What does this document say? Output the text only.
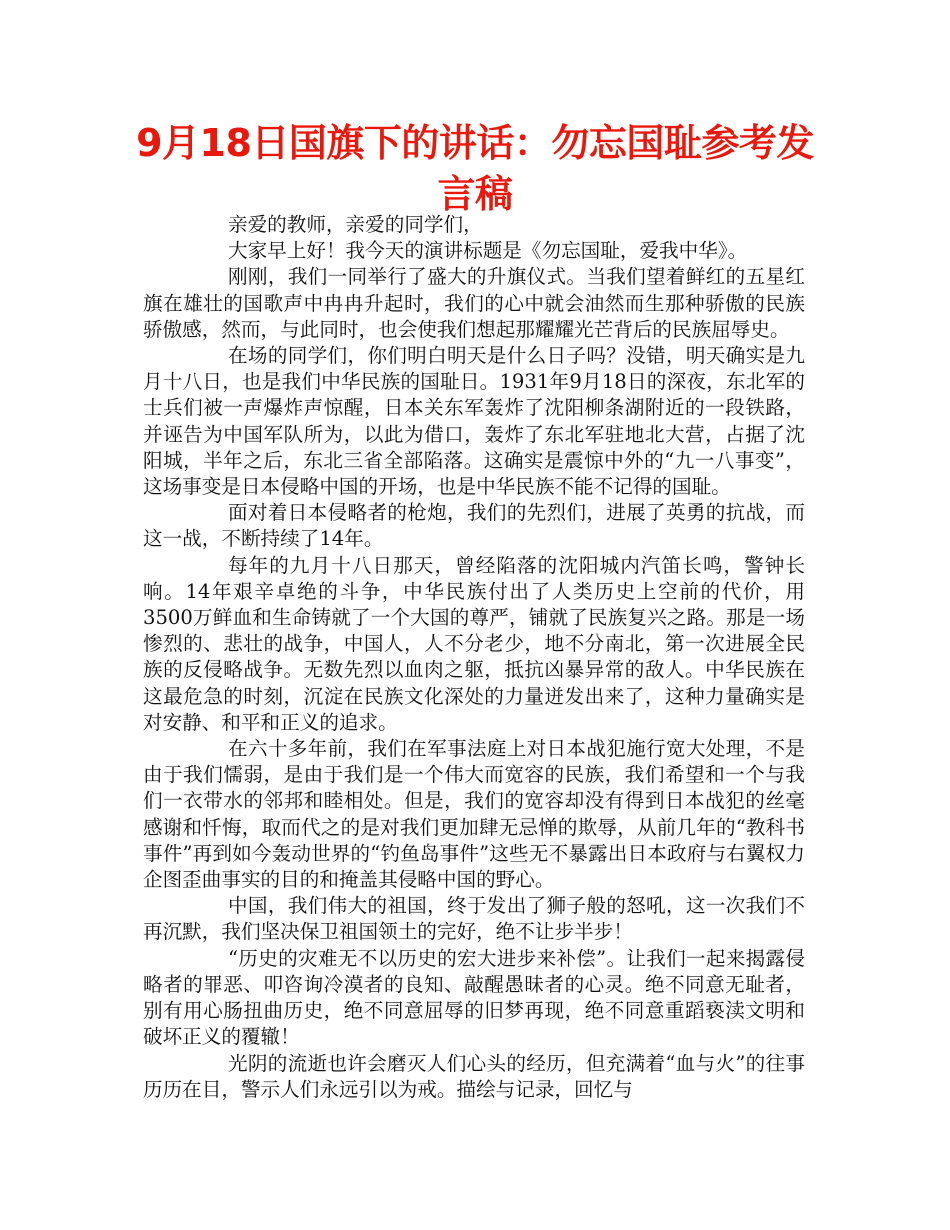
9月18日国旗下的讲话：勿忘国耻参考发言稿

亲爱的教师，亲爱的同学们，

大家早上好！我今天的演讲标题是《勿忘国耻，爱我中华》。

刚刚，我们一同举行了盛大的升旗仪式。当我们望着鲜红的五星红旗在雄壮的国歌声中冉冉升起时，我们的心中就会油然而生那种骄傲的民族骄傲感，然而，与此同时，也会使我们想起那耀耀光芒背后的民族屈辱史。

在场的同学们，你们明白明天是什么日子吗？没错，明天确实是九月十八日，也是我们中华民族的国耻日。1931年9月18日的深夜，东北军的士兵们被一声爆炸声惊醒，日本关东军轰炸了沈阳柳条湖附近的一段铁路，并诬告为中国军队所为，以此为借口，轰炸了东北军驻地北大营，占据了沈阳城，半年之后，东北三省全部陷落。这确实是震惊中外的“九一八事变”，这场事变是日本侵略中国的开场，也是中华民族不能不记得的国耻。

面对着日本侵略者的枪炮，我们的先烈们，进展了英勇的抗战，而这一战，不断持续了14年。

每年的九月十八日那天，曾经陷落的沈阳城内汽笛长鸣，警钟长响。14年艰辛卓绝的斗争，中华民族付出了人类历史上空前的代价，用3500万鲜血和生命铸就了一个大国的尊严，铺就了民族复兴之路。那是一场惨烈的、悲壮的战争，中国人，人不分老少，地不分南北，第一次进展全民族的反侵略战争。无数先烈以血肉之躯，抵抗凶暴异常的敌人。中华民族在这最危急的时刻，沉淀在民族文化深处的力量迸发出来了，这种力量确实是对安静、和平和正义的追求。

在六十多年前，我们在军事法庭上对日本战犯施行宽大处理，不是由于我们懦弱，是由于我们是一个伟大而宽容的民族，我们希望和一个与我们一衣带水的邻邦和睦相处。但是，我们的宽容却没有得到日本战犯的丝毫感谢和忏悔，取而代之的是对我们更加肆无忌惮的欺辱，从前几年的“教科书事件”再到如今轰动世界的“钓鱼岛事件”这些无不暴露出日本政府与右翼权力企图歪曲事实的目的和掩盖其侵略中国的野心。

中国，我们伟大的祖国，终于发出了狮子般的怒吼，这一次我们不再沉默，我们坚决保卫祖国领土的完好，绝不让步半步！

“历史的灾难无不以历史的宏大进步来补偿”。让我们一起来揭露侵略者的罪恶、叩咨询冷漠者的良知、敲醒愚昧者的心灵。绝不同意无耻者，别有用心肠扭曲历史，绝不同意屈辱的旧梦再现，绝不同意重蹈亵渎文明和破坏正义的覆辙！

光阴的流逝也许会磨灭人们心头的经历，但充满着“血与火”的往事历历在目，警示人们永远引以为戒。描绘与记录，回忆与
